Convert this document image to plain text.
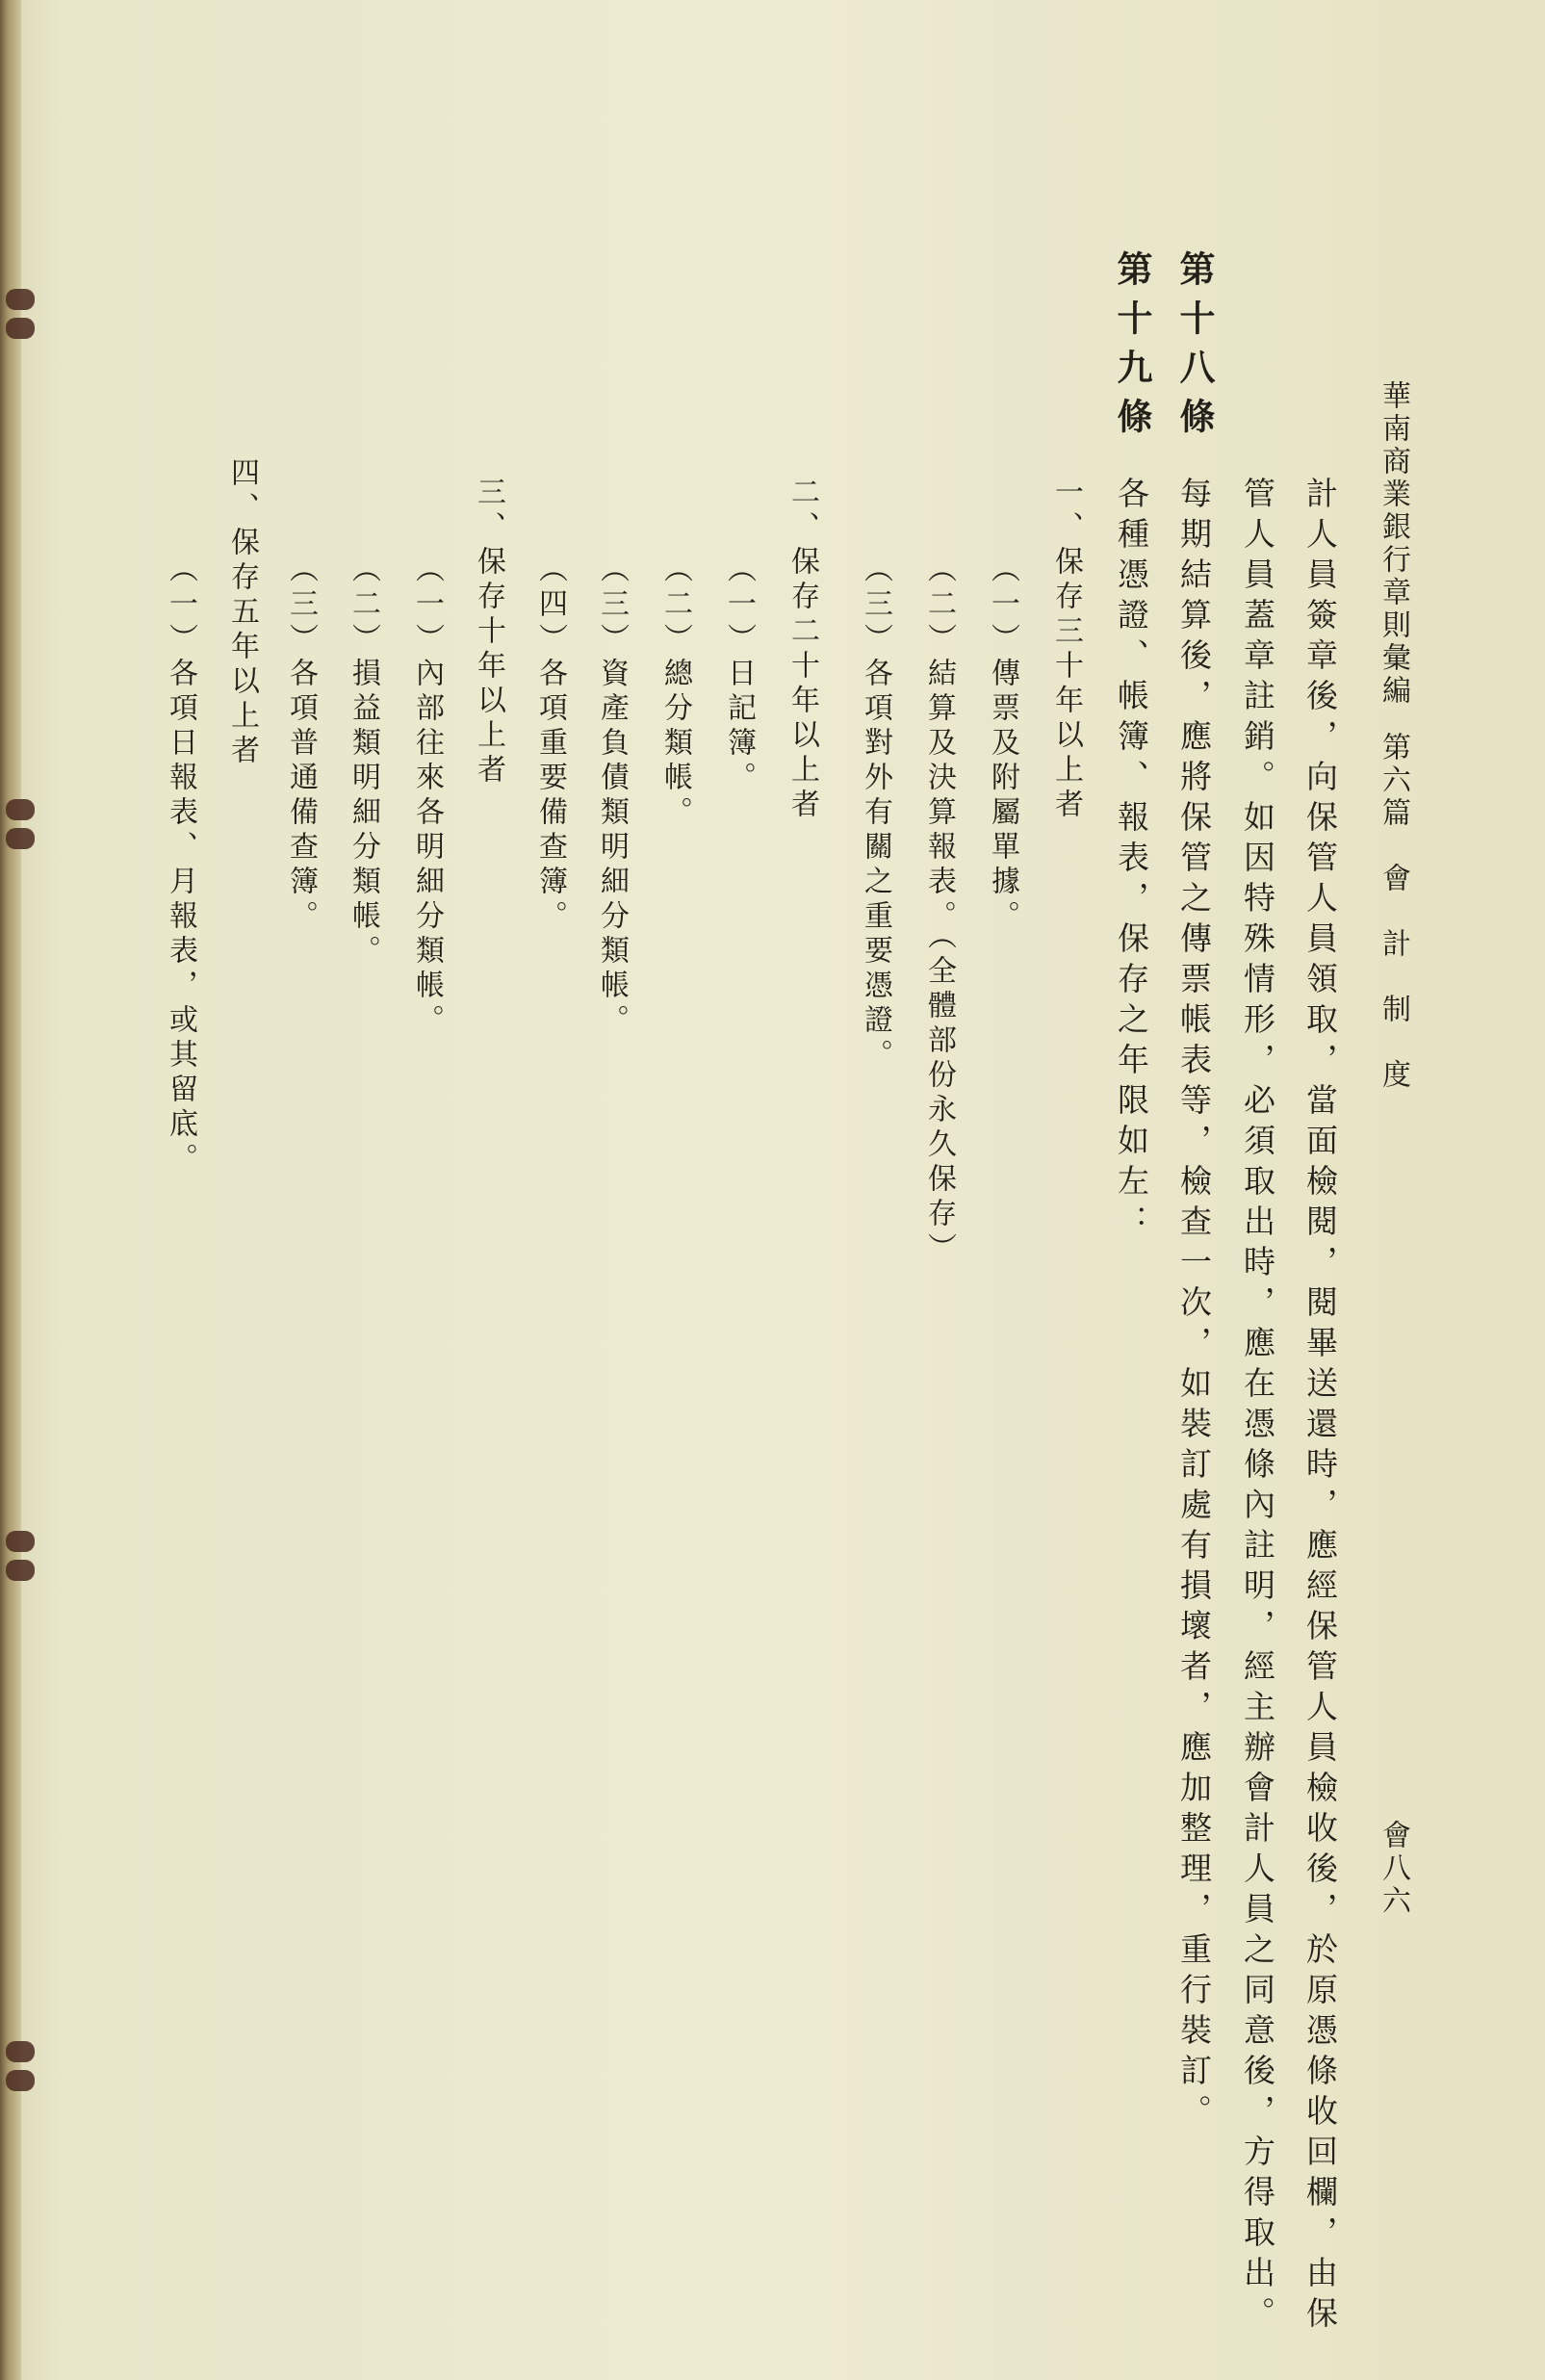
華南商業銀行章則彙編
第六篇　會　計　制　度
會八六
計人員簽章後，向保管人員領取，當面檢閱，閱畢送還時，應經保管人員檢收後，於原憑條收回欄，由保
管人員蓋章註銷。如因特殊情形，必須取出時，應在憑條內註明，經主辦會計人員之同意後，方得取出。
第十八條
每期結算後，應將保管之傳票帳表等，檢查一次，如裝訂處有損壞者，應加整理，重行裝訂。
第十九條
各種憑證、帳簿、報表，保存之年限如左：
一、保存三十年以上者
（一）傳票及附屬單據。
（二）結算及決算報表。（全體部份永久保存）
（三）各項對外有關之重要憑證。
二、保存二十年以上者
（一）日記簿。
（二）總分類帳。
（三）資產負債類明細分類帳。
（四）各項重要備查簿。
三、保存十年以上者
（一）內部往來各明細分類帳。
（二）損益類明細分類帳。
（三）各項普通備查簿。
四、保存五年以上者
（一）各項日報表、月報表，或其留底。
